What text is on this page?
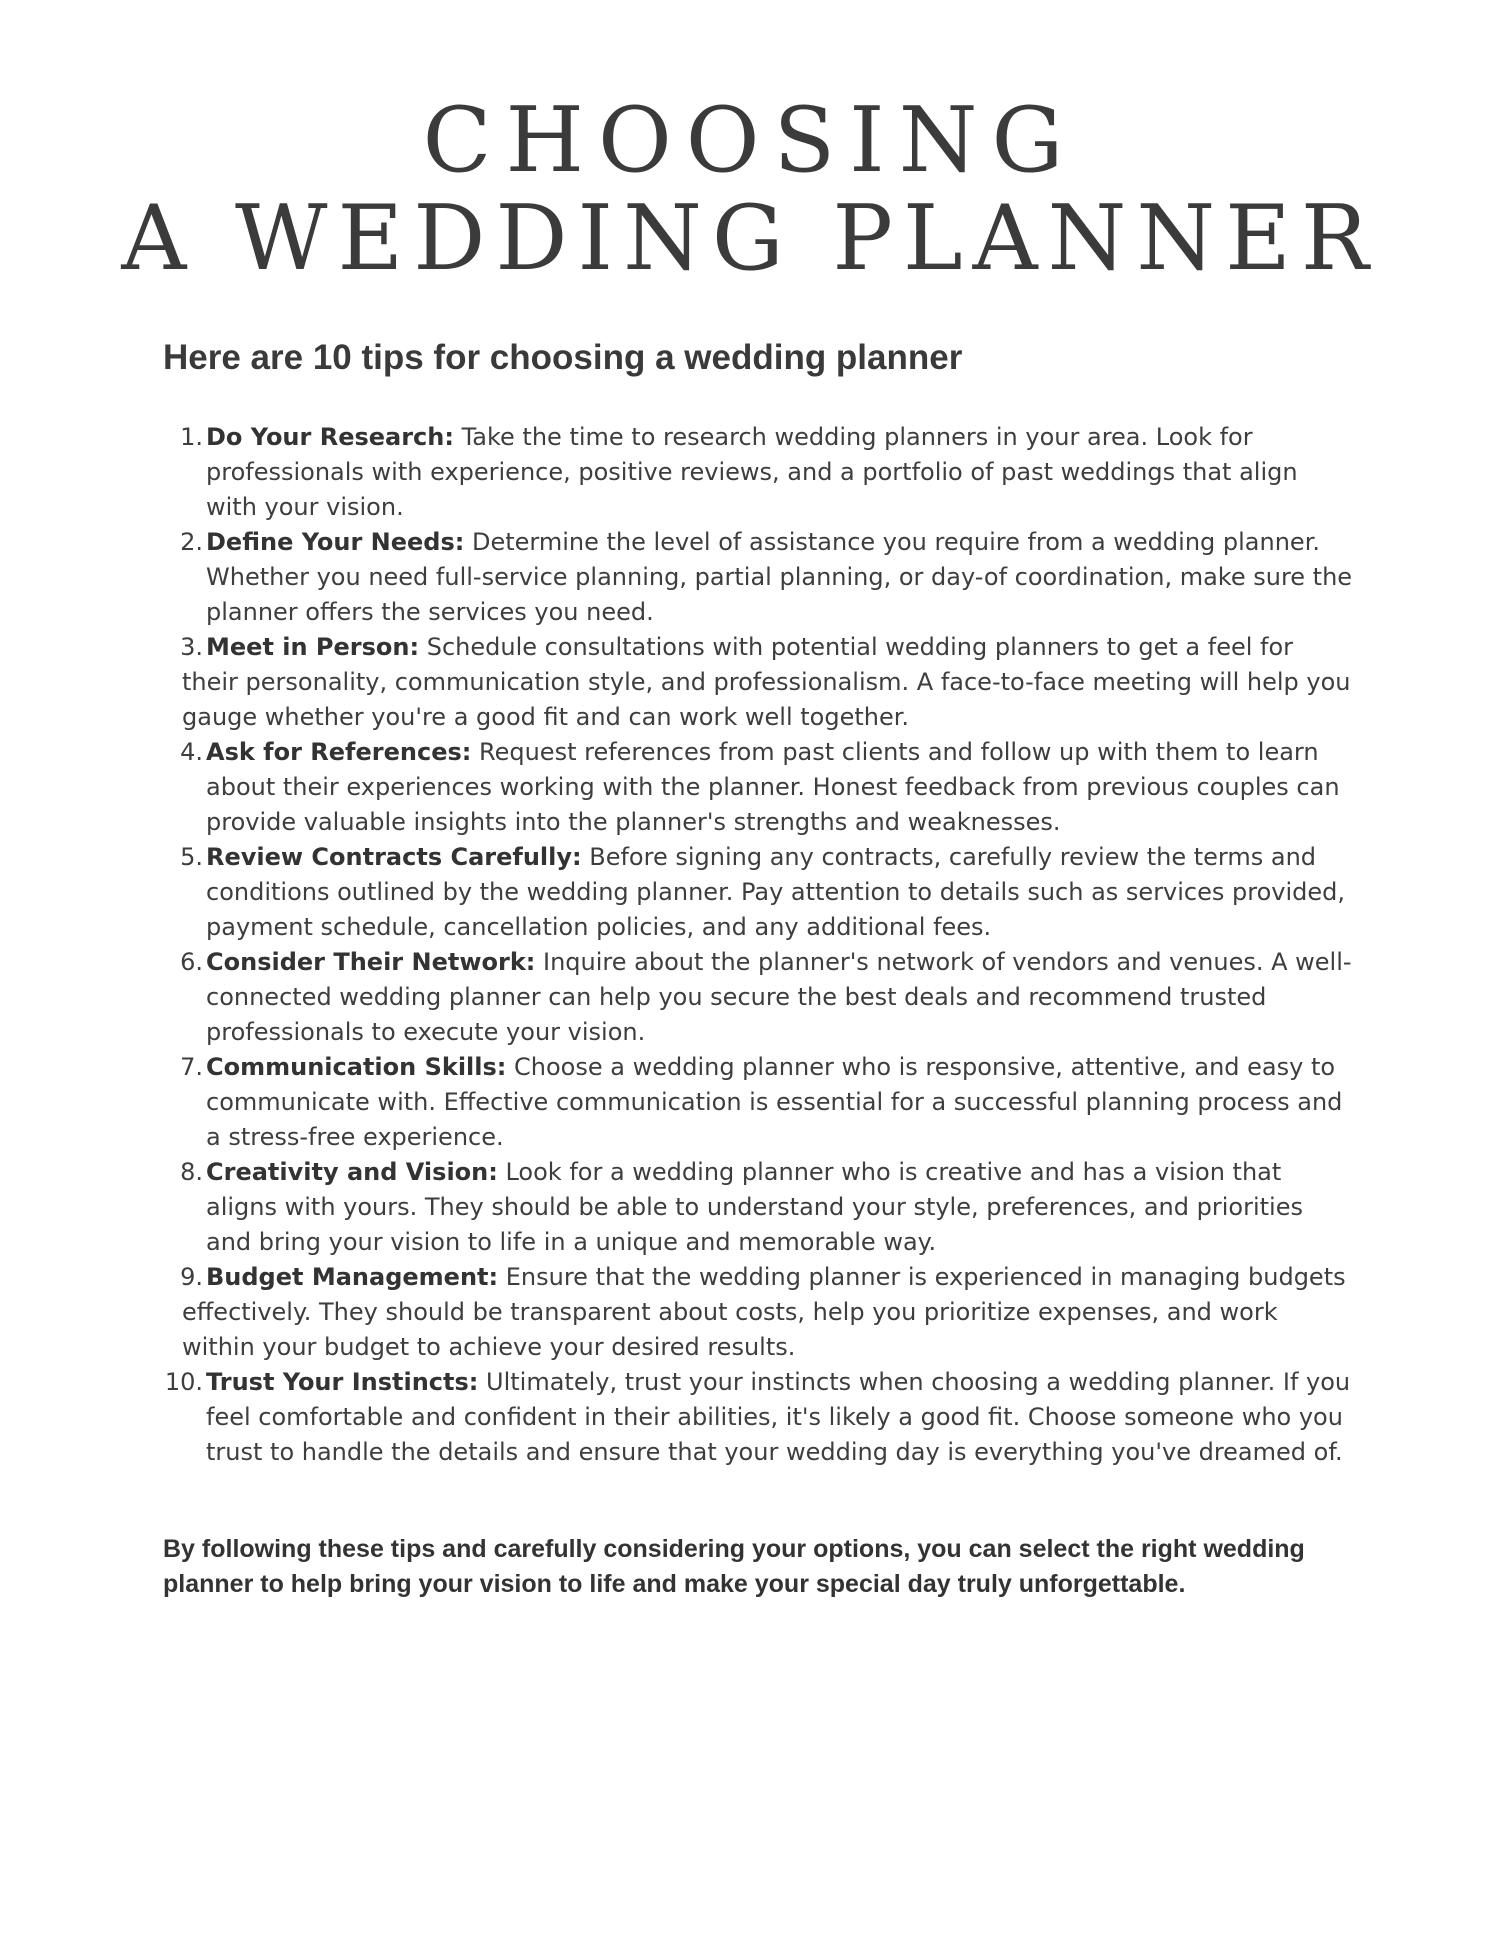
CHOOSING
A WEDDING PLANNER
Here are 10 tips for choosing a wedding planner
1. Do Your Research: Take the time to research wedding planners in your area. Look for professionals with experience, positive reviews, and a portfolio of past weddings that align with your vision.
2. Define Your Needs: Determine the level of assistance you require from a wedding planner. Whether you need full-service planning, partial planning, or day-of coordination, make sure the planner offers the services you need.
3. Meet in Person: Schedule consultations with potential wedding planners to get a feel for their personality, communication style, and professionalism. A face-to-face meeting will help you gauge whether you're a good fit and can work well together.
4. Ask for References: Request references from past clients and follow up with them to learn about their experiences working with the planner. Honest feedback from previous couples can provide valuable insights into the planner's strengths and weaknesses.
5. Review Contracts Carefully: Before signing any contracts, carefully review the terms and conditions outlined by the wedding planner. Pay attention to details such as services provided, payment schedule, cancellation policies, and any additional fees.
6. Consider Their Network: Inquire about the planner's network of vendors and venues. A well-connected wedding planner can help you secure the best deals and recommend trusted professionals to execute your vision.
7. Communication Skills: Choose a wedding planner who is responsive, attentive, and easy to communicate with. Effective communication is essential for a successful planning process and a stress-free experience.
8. Creativity and Vision: Look for a wedding planner who is creative and has a vision that aligns with yours. They should be able to understand your style, preferences, and priorities and bring your vision to life in a unique and memorable way.
9. Budget Management: Ensure that the wedding planner is experienced in managing budgets effectively. They should be transparent about costs, help you prioritize expenses, and work within your budget to achieve your desired results.
10. Trust Your Instincts: Ultimately, trust your instincts when choosing a wedding planner. If you feel comfortable and confident in their abilities, it's likely a good fit. Choose someone who you trust to handle the details and ensure that your wedding day is everything you've dreamed of.

By following these tips and carefully considering your options, you can select the right wedding planner to help bring your vision to life and make your special day truly unforgettable.
